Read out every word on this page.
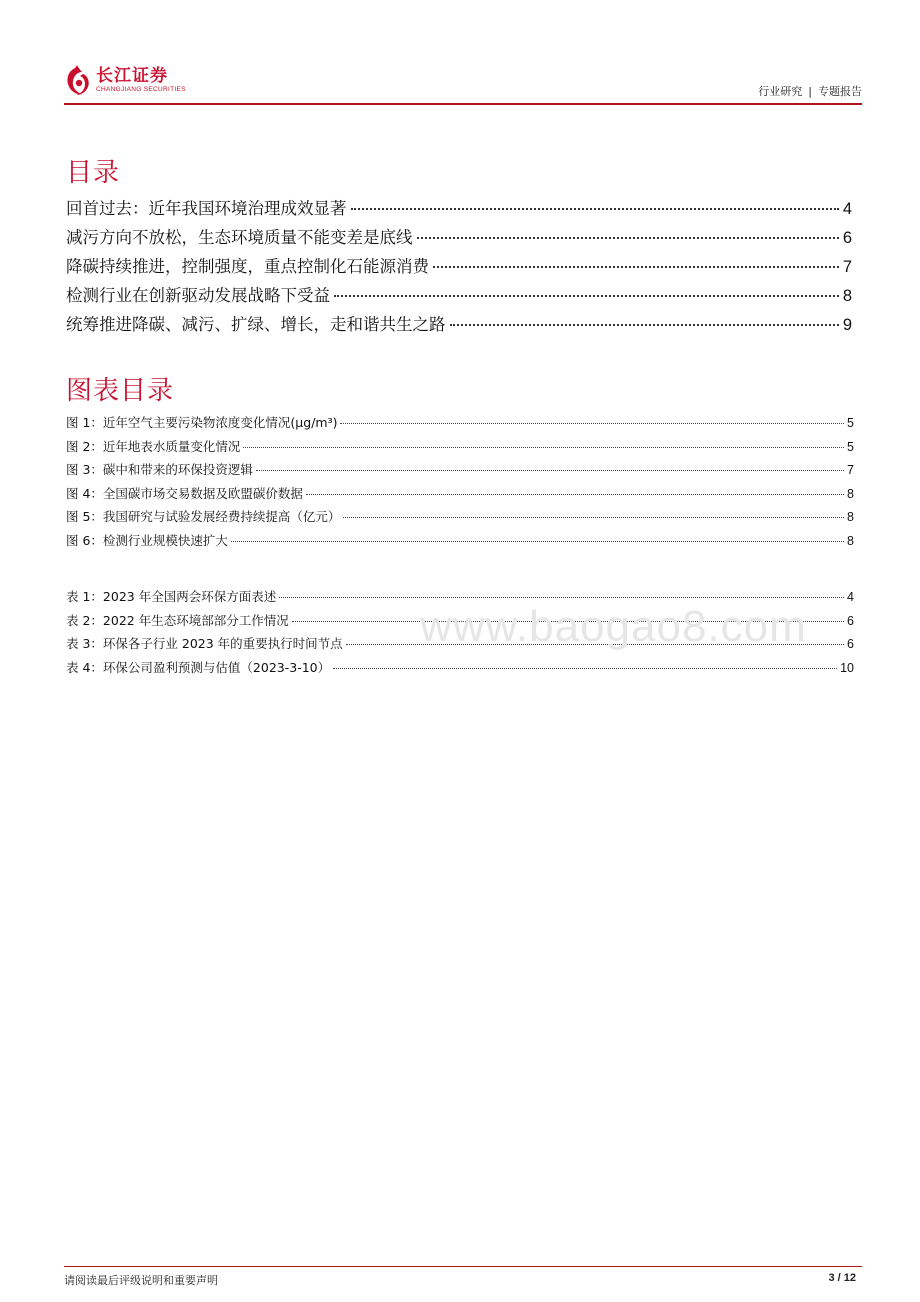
长江证券
CHANGJIANG SECURITIES	行业研究 | 专题报告
目录
回首过去：近年我国环境治理成效显著	4
减污方向不放松，生态环境质量不能变差是底线	6
降碳持续推进，控制强度，重点控制化石能源消费	7
检测行业在创新驱动发展战略下受益	8
统筹推进降碳、减污、扩绿、增长，走和谐共生之路	9
图表目录
图 1：近年空气主要污染物浓度变化情况(μg/m³)	5
图 2：近年地表水质量变化情况	5
图 3：碳中和带来的环保投资逻辑	7
图 4：全国碳市场交易数据及欧盟碳价数据	8
图 5：我国研究与试验发展经费持续提高（亿元）	8
图 6：检测行业规模快速扩大	8
表 1：2023 年全国两会环保方面表述	4
表 2：2022 年生态环境部部分工作情况	6
表 3：环保各子行业 2023 年的重要执行时间节点	6
表 4：环保公司盈利预测与估值（2023-3-10）	10
www.baogao8.com
请阅读最后评级说明和重要声明	3 / 12
